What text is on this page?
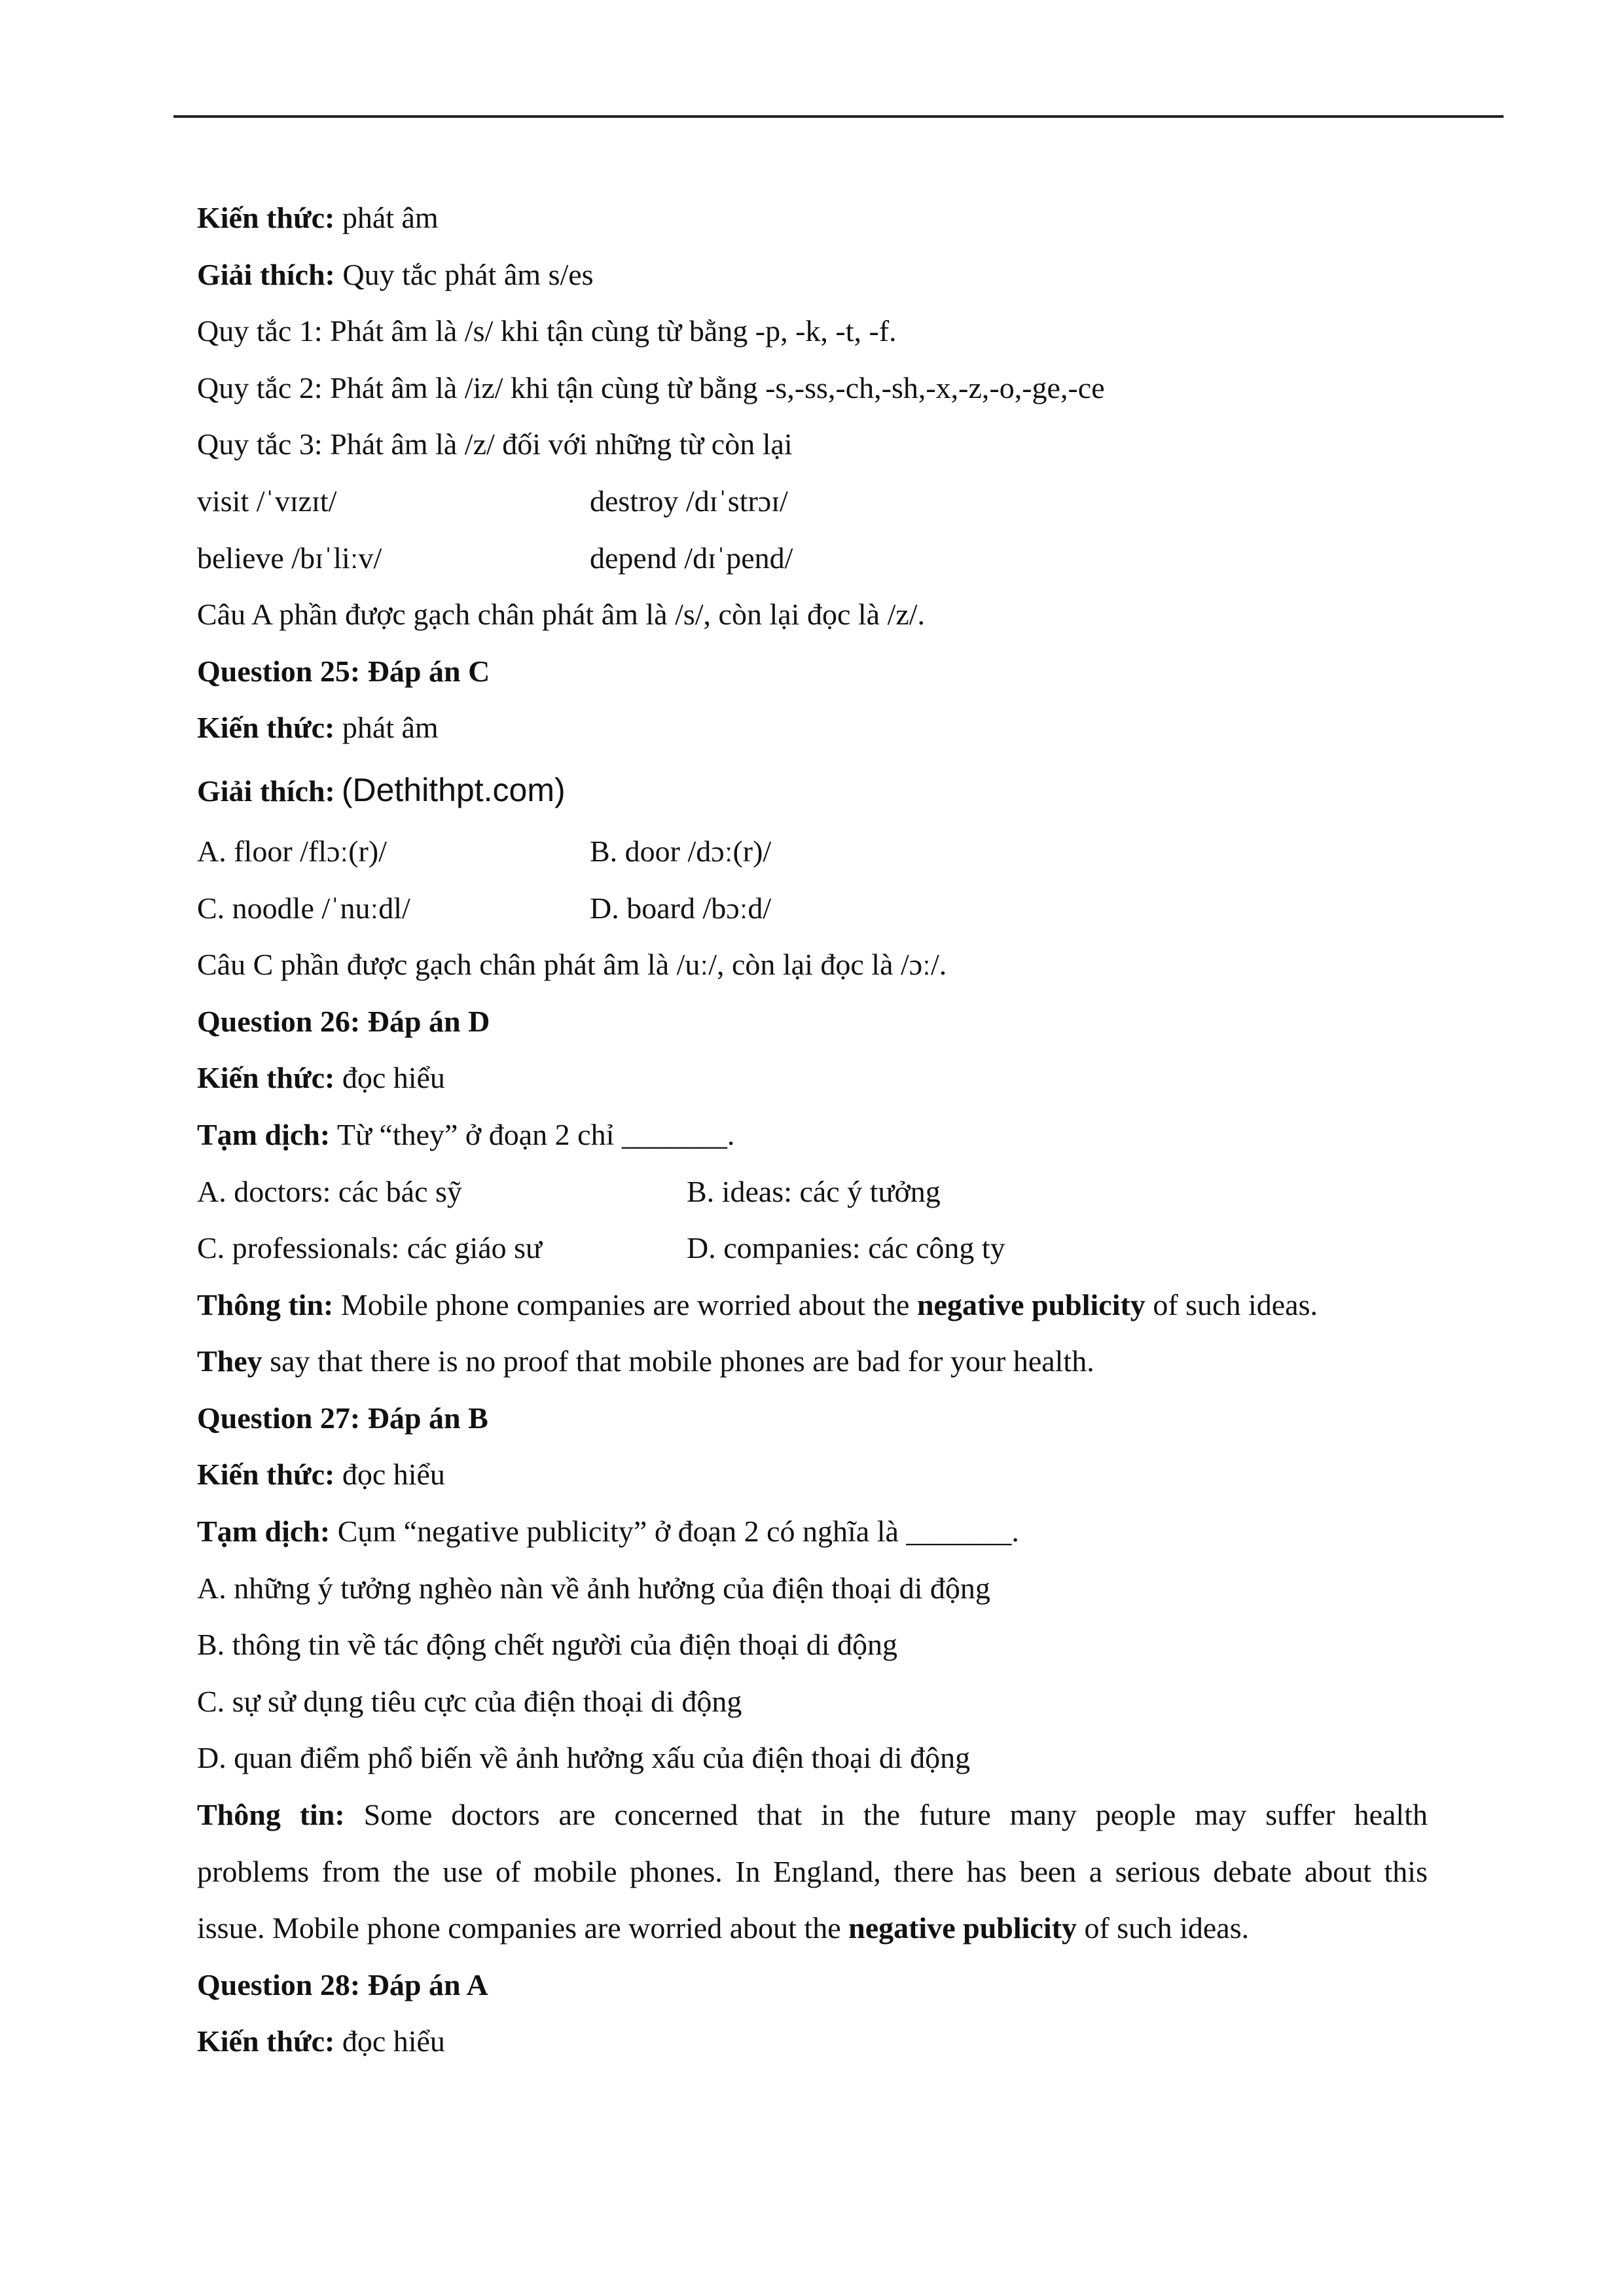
Kiến thức: phát âm
Giải thích: Quy tắc phát âm s/es
Quy tắc 1: Phát âm là /s/ khi tận cùng từ bằng -p, -k, -t, -f.
Quy tắc 2: Phát âm là /iz/ khi tận cùng từ bằng -s,-ss,-ch,-sh,-x,-z,-o,-ge,-ce
Quy tắc 3: Phát âm là /z/ đối với những từ còn lại
visit /ˈvɪzɪt/	destroy /dɪˈstrɔɪ/
believe /bɪˈliːv/	depend /dɪˈpend/
Câu A phần được gạch chân phát âm là /s/, còn lại đọc là /z/.
Question 25: Đáp án C
Kiến thức: phát âm
Giải thích: (Dethithpt.com)
A. floor /flɔː(r)/	B. door /dɔː(r)/
C. noodle /ˈnuːdl/	D. board /bɔːd/
Câu C phần được gạch chân phát âm là /uː/, còn lại đọc là /ɔː/.
Question 26: Đáp án D
Kiến thức: đọc hiểu
Tạm dịch: Từ “they” ở đoạn 2 chỉ _______.
A. doctors: các bác sỹ	B. ideas: các ý tưởng
C. professionals: các giáo sư	D. companies: các công ty
Thông tin: Mobile phone companies are worried about the negative publicity of such ideas.
They say that there is no proof that mobile phones are bad for your health.
Question 27: Đáp án B
Kiến thức: đọc hiểu
Tạm dịch: Cụm “negative publicity” ở đoạn 2 có nghĩa là _______.
A. những ý tưởng nghèo nàn về ảnh hưởng của điện thoại di động
B. thông tin về tác động chết người của điện thoại di động
C. sự sử dụng tiêu cực của điện thoại di động
D. quan điểm phổ biến về ảnh hưởng xấu của điện thoại di động
Thông tin: Some doctors are concerned that in the future many people may suffer health
problems from the use of mobile phones. In England, there has been a serious debate about this
issue. Mobile phone companies are worried about the negative publicity of such ideas.
Question 28: Đáp án A
Kiến thức: đọc hiểu
